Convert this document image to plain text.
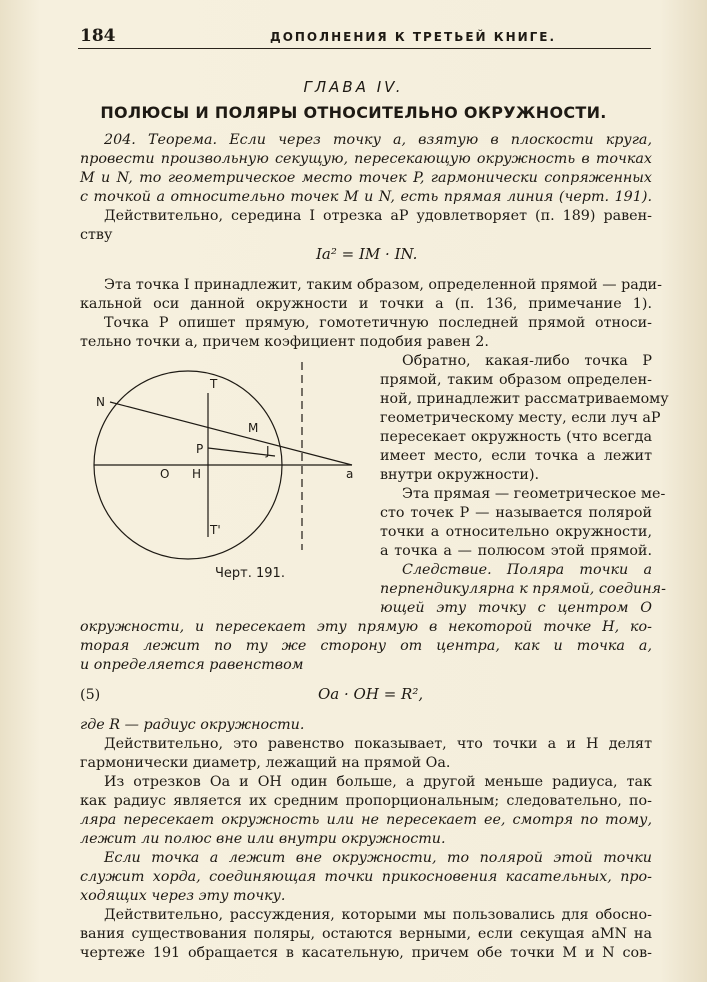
184	ДОПОЛНЕНИЯ К ТРЕТЬЕЙ КНИГЕ.
ГЛАВА IV.
ПОЛЮСЫ И ПОЛЯРЫ ОТНОСИТЕЛЬНО ОКРУЖНОСТИ.
204. Теорема. Если через точку a, взятую в плоскости круга,
провести произвольную секущую, пересекающую окружность в точках
M и N, то геометрическое место точек P, гармонически сопряженных
с точкой a относительно точек M и N, есть прямая линия (черт. 191).
Действительно, середина I отрезка aP удовлетворяет (п. 189) равен-
ству
Ia² = IM · IN.
Эта точка I принадлежит, таким образом, определенной прямой — ради-
кальной оси данной окружности и точки a (п. 136, примечание 1).
Точка P опишет прямую, гомотетичную последней прямой относи-
тельно точки a, причем коэфициент подобия равен 2.
Обратно, какая-либо точка P
прямой, таким образом определен-
ной, принадлежит рассматриваемому
геометрическому месту, если луч aP
пересекает окружность (что всегда
имеет место, если точка a лежит
внутри окружности).
Эта прямая — геометрическое ме-
сто точек P — называется полярой
точки a относительно окружности,
а точка a — полюсом этой прямой.
Следствие. Поляра точки a
перпендикулярна к прямой, соединя-
ющей эту точку с центром O
окружности, и пересекает эту прямую в некоторой точке H, ко-
торая лежит по ту же сторону от центра, как и точка a,
и определяется равенством
(5)	Oa · OH = R²,
где R — радиус окружности.
Действительно, это равенство показывает, что точки a и H делят
гармонически диаметр, лежащий на прямой Oa.
Из отрезков Oa и OH один больше, а другой меньше радиуса, так
как радиус является их средним пропорциональным; следовательно, по-
ляра пересекает окружность или не пересекает ее, смотря по тому,
лежит ли полюс вне или внутри окружности.
Если точка a лежит вне окружности, то полярой этой точки
служит хорда, соединяющая точки прикосновения касательных, про-
ходящих через эту точку.
Действительно, рассуждения, которыми мы пользовались для обосно-
вания существования поляры, остаются верными, если секущая aMN на
чертеже 191 обращается в касательную, причем обе точки M и N сов-
T
N
P
M
J
O H	a
T'
Черт. 191.
